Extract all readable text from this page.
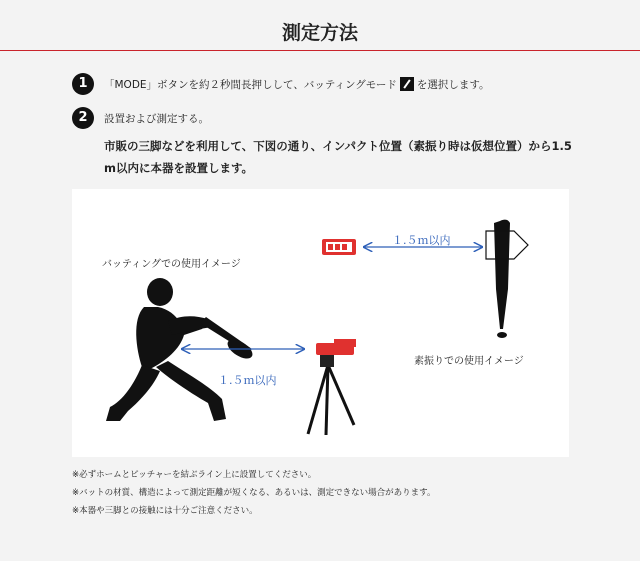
測定方法
1	「MODE」ボタンを約２秒間長押しして、バッティングモード を選択します。
2	設置および測定する。
市販の三脚などを利用して、下図の通り、インパクト位置（素振り時は仮想位置）から1.5
m以内に本器を設置します。
バッティングでの使用イメージ
素振りでの使用イメージ
１.５ｍ以内
１.５ｍ以内
※必ずホームとピッチャーを結ぶライン上に設置してください。
※バットの材質、構造によって測定距離が短くなる、あるいは、測定できない場合があります。
※本器や三脚との接触には十分ご注意ください。
